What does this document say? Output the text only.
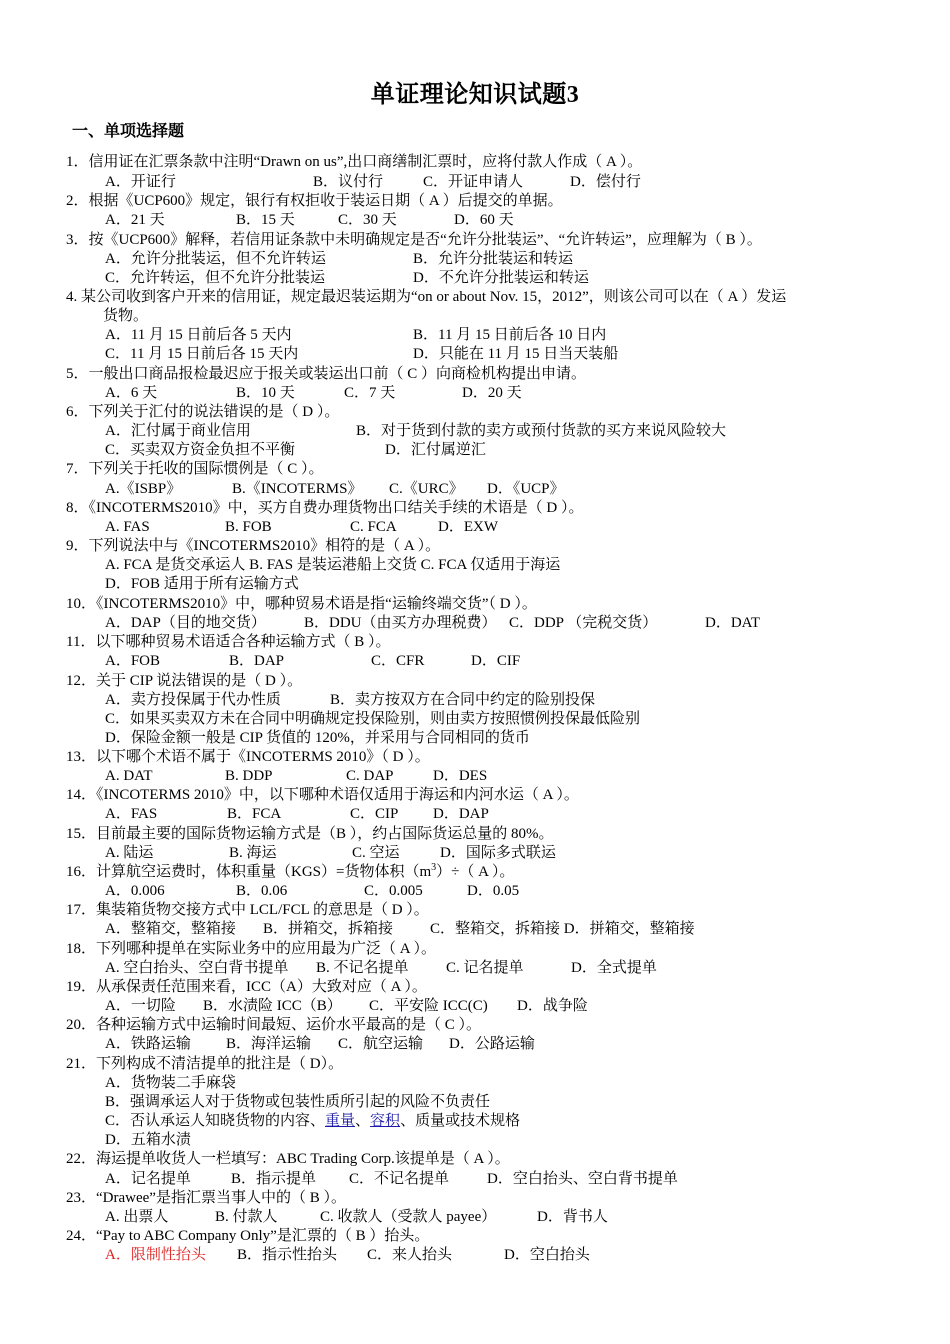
单证理论知识试题3
一、单项选择题
1．信用证在汇票条款中注明“Drawn on us”,出口商缮制汇票时，应将付款人作成（ A ）。
A．开证行	B．议付行	C．开证申请人	D．偿付行
2．根据《UCP600》规定，银行有权拒收于装运日期（ A ）后提交的单据。
A．21 天	B．15 天	C．30 天	D．60 天
3．按《UCP600》解释，若信用证条款中未明确规定是否“允许分批装运”、“允许转运”，应理解为（ B ）。
A．允许分批装运，但不允许转运	B．允许分批装运和转运
C．允许转运，但不允许分批装运	D．不允许分批装运和转运
4. 某公司收到客户开来的信用证，规定最迟装运期为“on or about Nov. 15，2012”，则该公司可以在（ A ）发运
货物。
A．11 月 15 日前后各 5 天内	B．11 月 15 日前后各 10 日内
C．11 月 15 日前后各 15 天内	D．只能在 11 月 15 日当天装船
5．一般出口商品报检最迟应于报关或装运出口前（ C ）向商检机构提出申请。
A．6 天	B．10 天	C．7 天	D．20 天
6．下列关于汇付的说法错误的是（ D ）。
A．汇付属于商业信用	B．对于货到付款的卖方或预付货款的买方来说风险较大
C．买卖双方资金负担不平衡	D．汇付属逆汇
7．下列关于托收的国际惯例是（ C ）。
A.《ISBP》	B.《INCOTERMS》 C.《URC》 D．《UCP》
8．《INCOTERMS2010》中，买方自费办理货物出口结关手续的术语是（ D ）。
A. FAS	B. FOB	C. FCA	D．EXW
9．下列说法中与《INCOTERMS2010》相符的是（ A ）。
A. FCA 是货交承运人 B. FAS 是装运港船上交货 C. FCA 仅适用于海运
D．FOB 适用于所有运输方式
10．《INCOTERMS2010》中，哪种贸易术语是指“运输终端交货”（ D ）。
A．DAP（目的地交货）	B．DDU（由买方办理税费） C．DDP （完税交货）	D．DAT
11．以下哪种贸易术语适合各种运输方式（ B ）。
A．FOB	B．DAP	C．CFR	D．CIF
12．关于 CIP 说法错误的是（ D ）。
A．卖方投保属于代办性质	B．卖方按双方在合同中约定的险别投保
C．如果买卖双方未在合同中明确规定投保险别，则由卖方按照惯例投保最低险别
D．保险金额一般是 CIP 货值的 120%，并采用与合同相同的货币
13．以下哪个术语不属于《INCOTERMS 2010》（ D ）。
A. DAT	B. DDP	C. DAP	D．DES
14．《INCOTERMS 2010》中，以下哪种术语仅适用于海运和内河水运（ A ）。
A．FAS	B．FCA	C．CIP D．DAP
15．目前最主要的国际货物运输方式是（B ），约占国际货运总量的 80%。
A. 陆运	B. 海运	C. 空运	D．国际多式联运
16．计算航空运费时，体积重量（KGS）=货物体积$(m^3)\div$（ A ）。
A．0.006	B．0.06	C．0.005	D．0.05
17．集装箱货物交接方式中 LCL/FCL 的意思是（ D ）。
A．整箱交，整箱接 B．拼箱交，拆箱接 C．整箱交，拆箱接 D．拼箱交，整箱接
18．下列哪种提单在实际业务中的应用最为广泛（ A ）。
A. 空白抬头、空白背书提单 B. 不记名提单 C. 记名提单	D．全式提单
19．从承保责任范围来看，ICC（A）大致对应（ A ）。
A．一切险 B．水渍险 ICC（B） C．平安险 ICC(C) D．战争险
20．各种运输方式中运输时间最短、运价水平最高的是（ C ）。
A．铁路运输 B．海洋运输 C．航空运输 D．公路运输
21．下列构成不清洁提单的批注是（ D）。
A．货物装二手麻袋
B．强调承运人对于货物或包装性质所引起的风险不负责任
C．否认承运人知晓货物的内容、重量、容积、质量或技术规格
D．五箱水渍
22．海运提单收货人一栏填写：ABC Trading Corp.该提单是（ A ）。
A．记名提单	B．指示提单 C．不记名提单	D．空白抬头、空白背书提单
23．“Drawee”是指汇票当事人中的（ B ）。
A. 出票人	B. 付款人	C. 收款人（受款人 payee）	D．背书人
24．“Pay to ABC Company Only”是汇票的（ B ）抬头。
A．限制性抬头 B．指示性抬头 C．来人抬头	D．空白抬头
